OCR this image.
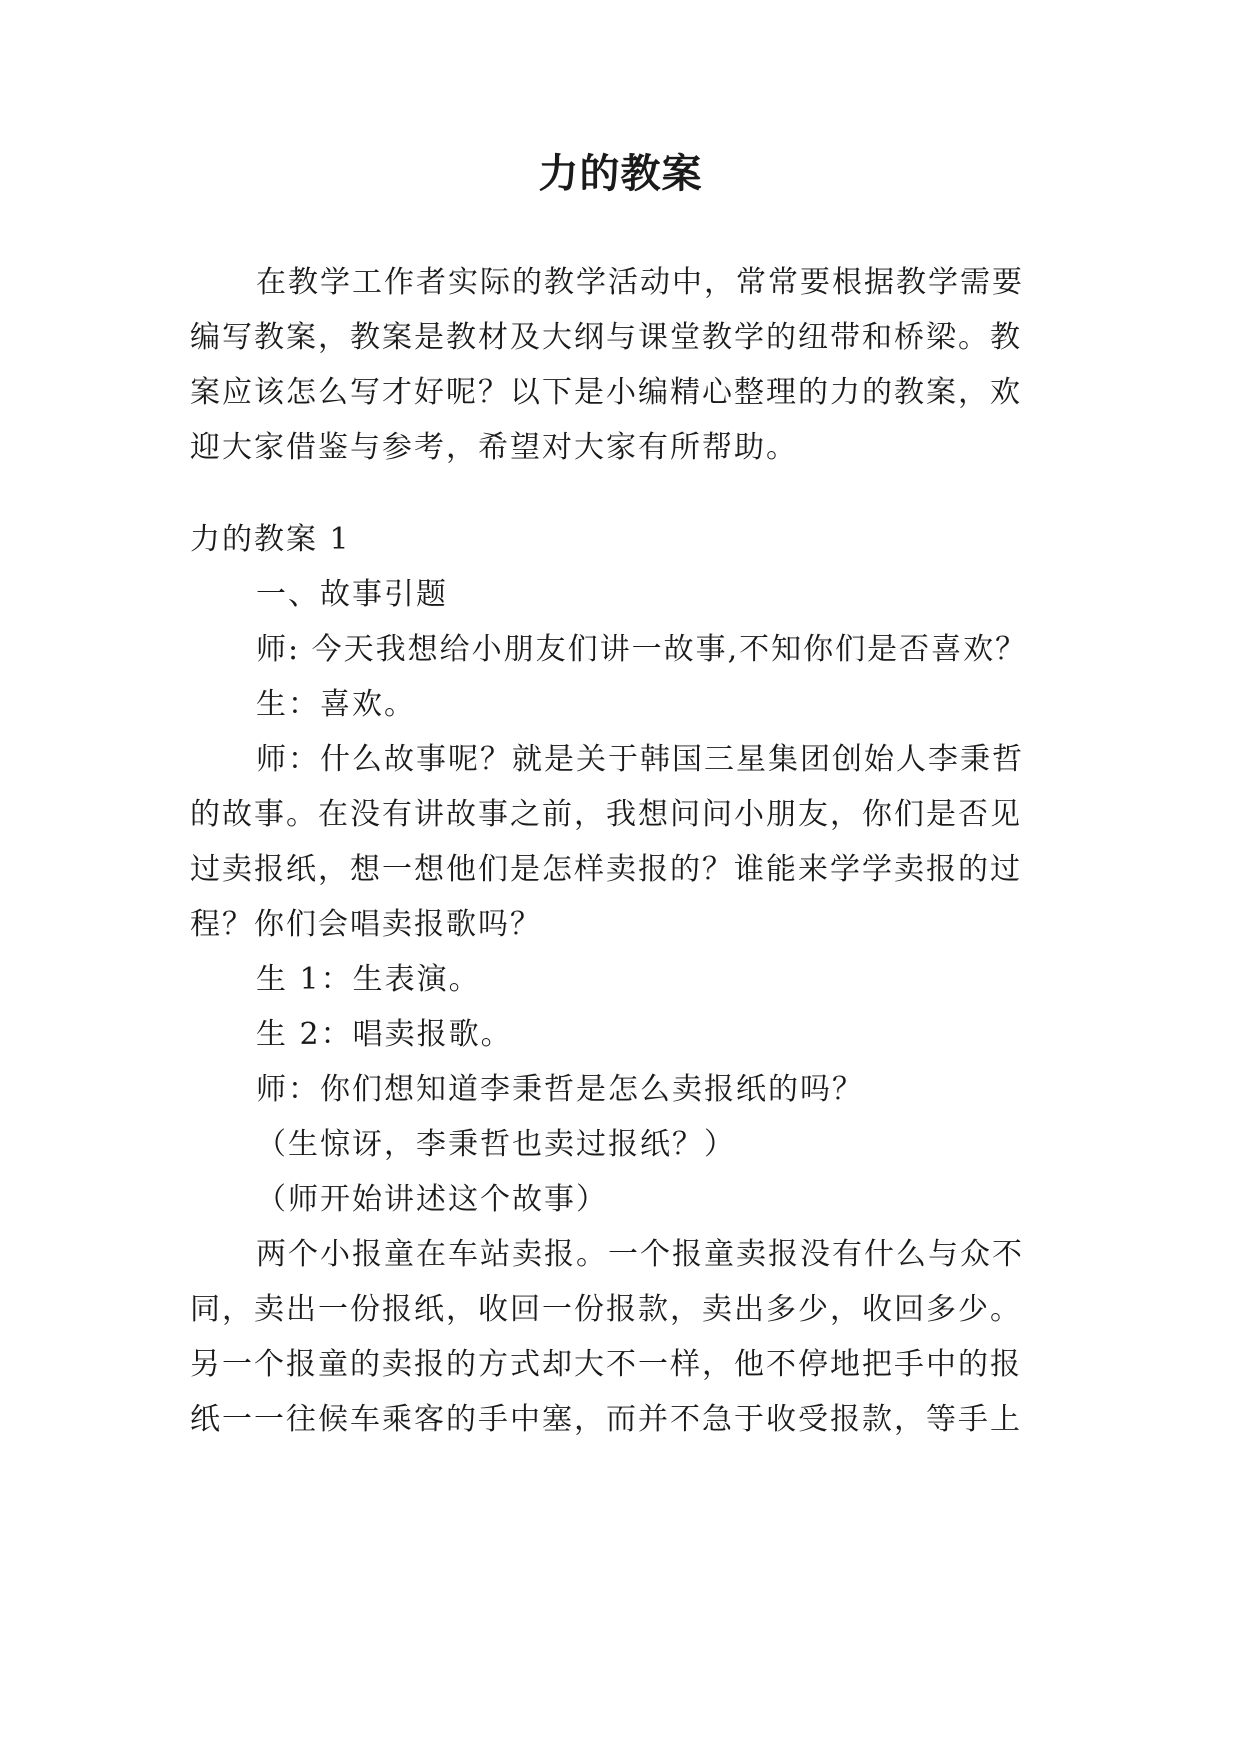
力的教案
在教学工作者实际的教学活动中，常常要根据教学需要
编写教案，教案是教材及大纲与课堂教学的纽带和桥梁。教
案应该怎么写才好呢？以下是小编精心整理的力的教案，欢
迎大家借鉴与参考，希望对大家有所帮助。
力的教案 1
一、故事引题
师: 今天我想给小朋友们讲一故事,不知你们是否喜欢？
生：喜欢。
师：什么故事呢？就是关于韩国三星集团创始人李秉哲
的故事。在没有讲故事之前，我想问问小朋友，你们是否见
过卖报纸，想一想他们是怎样卖报的？谁能来学学卖报的过
程？你们会唱卖报歌吗？
生 1：生表演。
生 2：唱卖报歌。
师：你们想知道李秉哲是怎么卖报纸的吗？
（生惊讶，李秉哲也卖过报纸？）
（师开始讲述这个故事）
两个小报童在车站卖报。一个报童卖报没有什么与众不
同，卖出一份报纸，收回一份报款，卖出多少，收回多少。
另一个报童的卖报的方式却大不一样，他不停地把手中的报
纸一一往候车乘客的手中塞，而并不急于收受报款，等手上
